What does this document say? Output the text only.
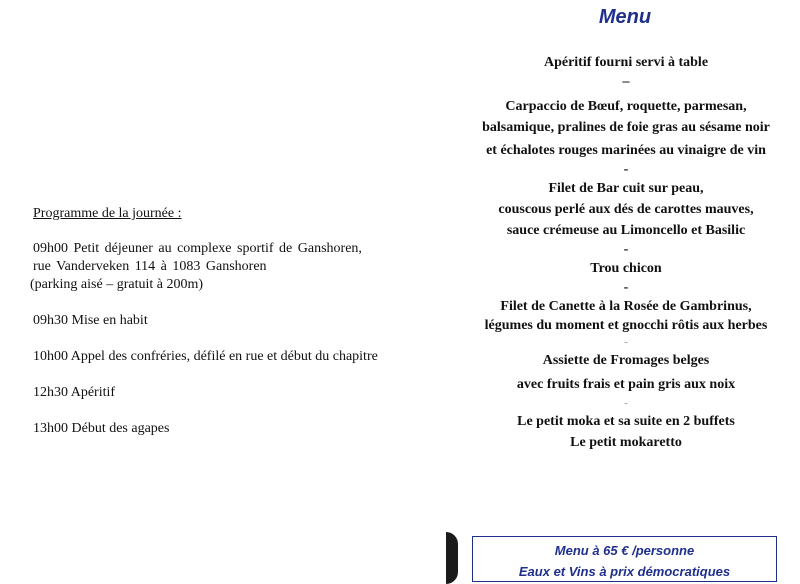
Programme de la journée :
09h00 Petit déjeuner au complexe sportif de Ganshoren,
rue Vanderveken 114 à 1083 Ganshoren
(parking aisé – gratuit à 200m)
09h30 Mise en habit
10h00 Appel des confréries, défilé en rue et début du chapitre
12h30 Apéritif
13h00 Début des agapes
Menu
Apéritif fourni servi à table
–
Carpaccio de Bœuf, roquette, parmesan,
balsamique, pralines de foie gras au sésame noir
et échalotes rouges marinées au vinaigre de vin
-
Filet de Bar cuit sur peau,
couscous perlé aux dés de carottes mauves,
sauce crémeuse au Limoncello et Basilic
-
Trou chicon
-
Filet de Canette à la Rosée de Gambrinus,
légumes du moment et gnocchi rôtis aux herbes
-
Assiette de Fromages belges
avec fruits frais et pain gris aux noix
-
Le petit moka et sa suite en 2 buffets
Le petit mokaretto
Menu à 65 € /personne
Eaux et Vins à prix démocratiques
